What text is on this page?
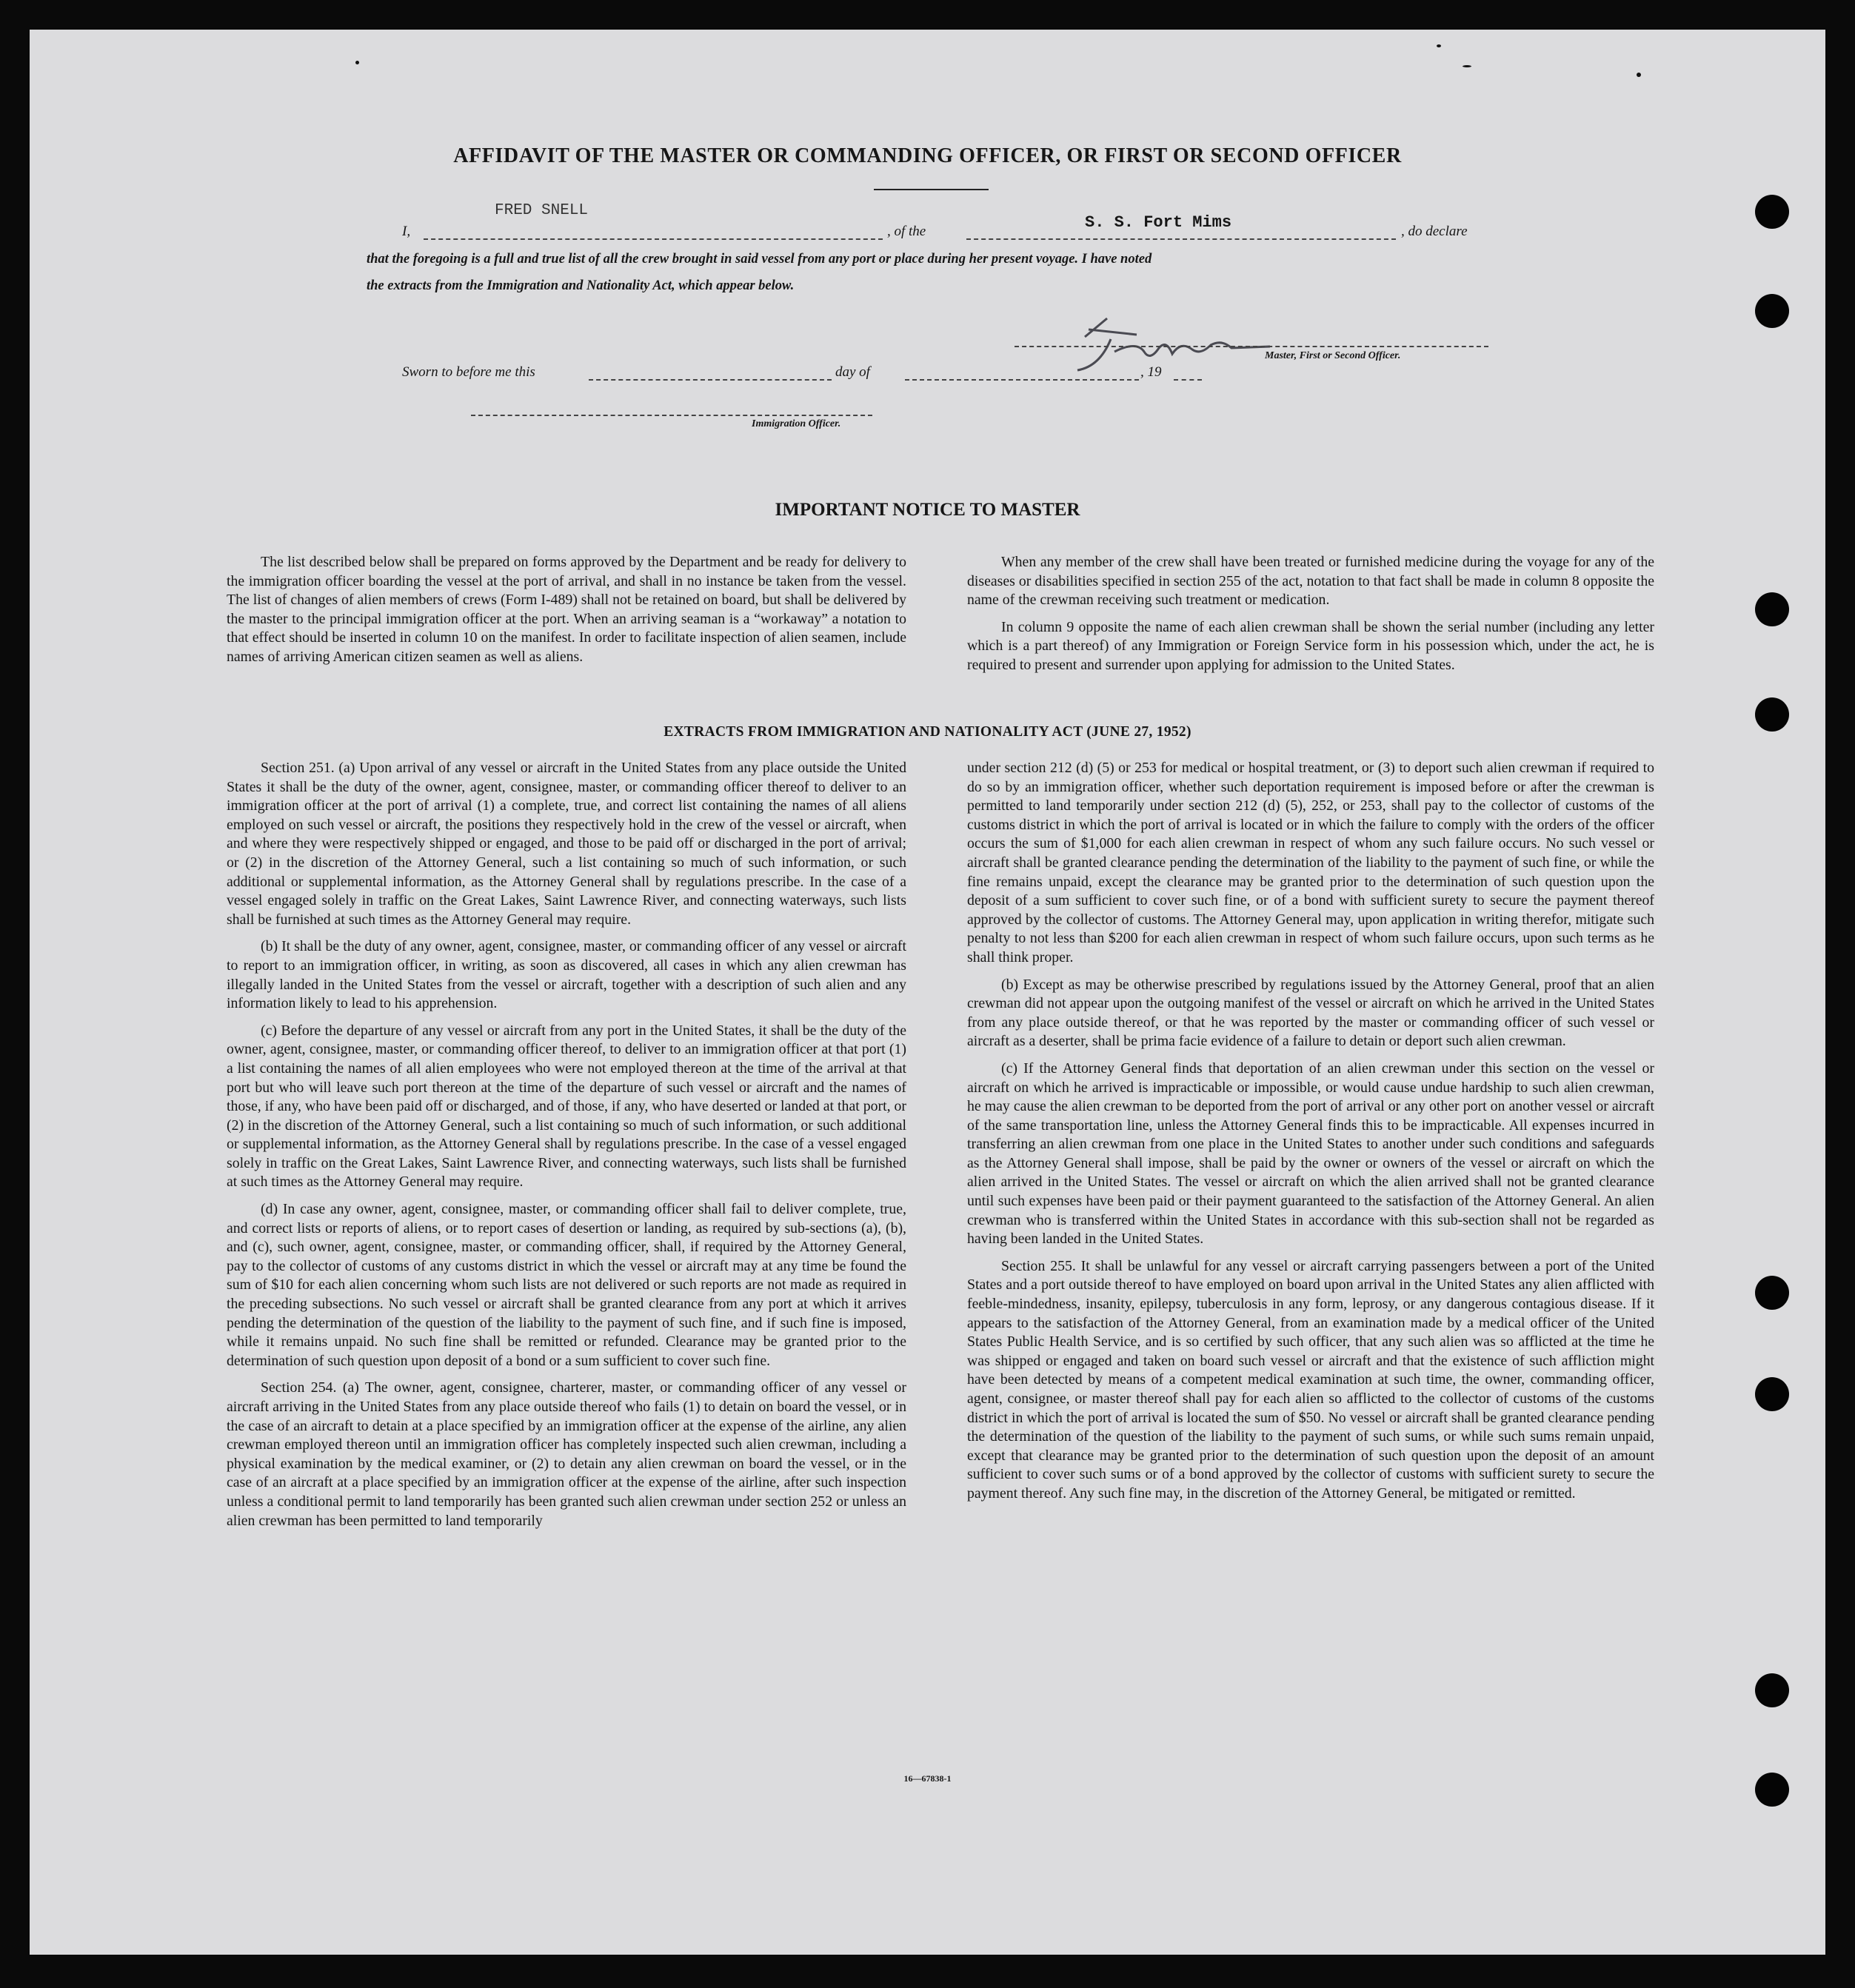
AFFIDAVIT OF THE MASTER OR COMMANDING OFFICER, OR FIRST OR SECOND OFFICER
I,
FRED SNELL
, of the	S. S. Fort Mims	, do declare
that the foregoing is a full and true list of all the crew brought in said vessel from any port or place during her present voyage. I have noted
the extracts from the Immigration and Nationality Act, which appear below.
Master, First or Second Officer.
Sworn to before me this	day of	, 19
Immigration Officer.
IMPORTANT NOTICE TO MASTER

The list described below shall be prepared on forms approved by the Department and be ready for delivery to the immigration officer boarding the vessel at the port of arrival, and shall in no instance be taken from the vessel. The list of changes of alien members of crews (Form I-489) shall not be retained on board, but shall be delivered by the master to the principal immigration officer at the port. When an arriving seaman is a “workaway” a notation to that effect should be inserted in column 10 on the manifest. In order to facilitate inspection of alien seamen, include names of arriving American citizen seamen as well as aliens.

When any member of the crew shall have been treated or furnished medicine during the voyage for any of the diseases or disabilities specified in section 255 of the act, notation to that fact shall be made in column 8 opposite the name of the crewman receiving such treatment or medication.

In column 9 opposite the name of each alien crewman shall be shown the serial number (including any letter which is a part thereof) of any Immigration or Foreign Service form in his possession which, under the act, he is required to present and surrender upon applying for admission to the United States.

EXTRACTS FROM IMMIGRATION AND NATIONALITY ACT (JUNE 27, 1952)

Section 251. (a) Upon arrival of any vessel or aircraft in the United States from any place outside the United States it shall be the duty of the owner, agent, consignee, master, or commanding officer thereof to deliver to an immigration officer at the port of arrival (1) a complete, true, and correct list containing the names of all aliens employed on such vessel or aircraft, the positions they respectively hold in the crew of the vessel or aircraft, when and where they were respectively shipped or engaged, and those to be paid off or discharged in the port of arrival; or (2) in the discretion of the Attorney General, such a list containing so much of such information, or such additional or supplemental information, as the Attorney General shall by regulations prescribe. In the case of a vessel engaged solely in traffic on the Great Lakes, Saint Lawrence River, and connecting waterways, such lists shall be furnished at such times as the Attorney General may require.

(b) It shall be the duty of any owner, agent, consignee, master, or commanding officer of any vessel or aircraft to report to an immigration officer, in writing, as soon as discovered, all cases in which any alien crewman has illegally landed in the United States from the vessel or aircraft, together with a description of such alien and any information likely to lead to his apprehension.

(c) Before the departure of any vessel or aircraft from any port in the United States, it shall be the duty of the owner, agent, consignee, master, or commanding officer thereof, to deliver to an immigration officer at that port (1) a list containing the names of all alien employees who were not employed thereon at the time of the arrival at that port but who will leave such port thereon at the time of the departure of such vessel or aircraft and the names of those, if any, who have been paid off or discharged, and of those, if any, who have deserted or landed at that port, or (2) in the discretion of the Attorney General, such a list containing so much of such information, or such additional or supplemental information, as the Attorney General shall by regulations prescribe. In the case of a vessel engaged solely in traffic on the Great Lakes, Saint Lawrence River, and connecting waterways, such lists shall be furnished at such times as the Attorney General may require.

(d) In case any owner, agent, consignee, master, or commanding officer shall fail to deliver complete, true, and correct lists or reports of aliens, or to report cases of desertion or landing, as required by sub-sections (a), (b), and (c), such owner, agent, consignee, master, or commanding officer, shall, if required by the Attorney General, pay to the collector of customs of any customs district in which the vessel or aircraft may at any time be found the sum of $10 for each alien concerning whom such lists are not delivered or such reports are not made as required in the preceding subsections. No such vessel or aircraft shall be granted clearance from any port at which it arrives pending the determination of the question of the liability to the payment of such fine, and if such fine is imposed, while it remains unpaid. No such fine shall be remitted or refunded. Clearance may be granted prior to the determination of such question upon deposit of a bond or a sum sufficient to cover such fine.

Section 254. (a) The owner, agent, consignee, charterer, master, or commanding officer of any vessel or aircraft arriving in the United States from any place outside thereof who fails (1) to detain on board the vessel, or in the case of an aircraft to detain at a place specified by an immigration officer at the expense of the airline, any alien crewman employed thereon until an immigration officer has completely inspected such alien crewman, including a physical examination by the medical examiner, or (2) to detain any alien crewman on board the vessel, or in the case of an aircraft at a place specified by an immigration officer at the expense of the airline, after such inspection unless a conditional permit to land temporarily has been granted such alien crewman under section 252 or unless an alien crewman has been permitted to land temporarily

under section 212 (d) (5) or 253 for medical or hospital treatment, or (3) to deport such alien crewman if required to do so by an immigration officer, whether such deportation requirement is imposed before or after the crewman is permitted to land temporarily under section 212 (d) (5), 252, or 253, shall pay to the collector of customs of the customs district in which the port of arrival is located or in which the failure to comply with the orders of the officer occurs the sum of $1,000 for each alien crewman in respect of whom any such failure occurs. No such vessel or aircraft shall be granted clearance pending the determination of the liability to the payment of such fine, or while the fine remains unpaid, except the clearance may be granted prior to the determination of such question upon the deposit of a sum sufficient to cover such fine, or of a bond with sufficient surety to secure the payment thereof approved by the collector of customs. The Attorney General may, upon application in writing therefor, mitigate such penalty to not less than $200 for each alien crewman in respect of whom such failure occurs, upon such terms as he shall think proper.

(b) Except as may be otherwise prescribed by regulations issued by the Attorney General, proof that an alien crewman did not appear upon the outgoing manifest of the vessel or aircraft on which he arrived in the United States from any place outside thereof, or that he was reported by the master or commanding officer of such vessel or aircraft as a deserter, shall be prima facie evidence of a failure to detain or deport such alien crewman.

(c) If the Attorney General finds that deportation of an alien crewman under this section on the vessel or aircraft on which he arrived is impracticable or impossible, or would cause undue hardship to such alien crewman, he may cause the alien crewman to be deported from the port of arrival or any other port on another vessel or aircraft of the same transportation line, unless the Attorney General finds this to be impracticable. All expenses incurred in transferring an alien crewman from one place in the United States to another under such conditions and safeguards as the Attorney General shall impose, shall be paid by the owner or owners of the vessel or aircraft on which the alien arrived in the United States. The vessel or aircraft on which the alien arrived shall not be granted clearance until such expenses have been paid or their payment guaranteed to the satisfaction of the Attorney General. An alien crewman who is transferred within the United States in accordance with this sub-section shall not be regarded as having been landed in the United States.

Section 255. It shall be unlawful for any vessel or aircraft carrying passengers between a port of the United States and a port outside thereof to have employed on board upon arrival in the United States any alien afflicted with feeble-mindedness, insanity, epilepsy, tuberculosis in any form, leprosy, or any dangerous contagious disease. If it appears to the satisfaction of the Attorney General, from an examination made by a medical officer of the United States Public Health Service, and is so certified by such officer, that any such alien was so afflicted at the time he was shipped or engaged and taken on board such vessel or aircraft and that the existence of such affliction might have been detected by means of a competent medical examination at such time, the owner, commanding officer, agent, consignee, or master thereof shall pay for each alien so afflicted to the collector of customs of the customs district in which the port of arrival is located the sum of $50. No vessel or aircraft shall be granted clearance pending the determination of the question of the liability to the payment of such sums, or while such sums remain unpaid, except that clearance may be granted prior to the determination of such question upon the deposit of an amount sufficient to cover such sums or of a bond approved by the collector of customs with sufficient surety to secure the payment thereof. Any such fine may, in the discretion of the Attorney General, be mitigated or remitted.

16—67838-1
